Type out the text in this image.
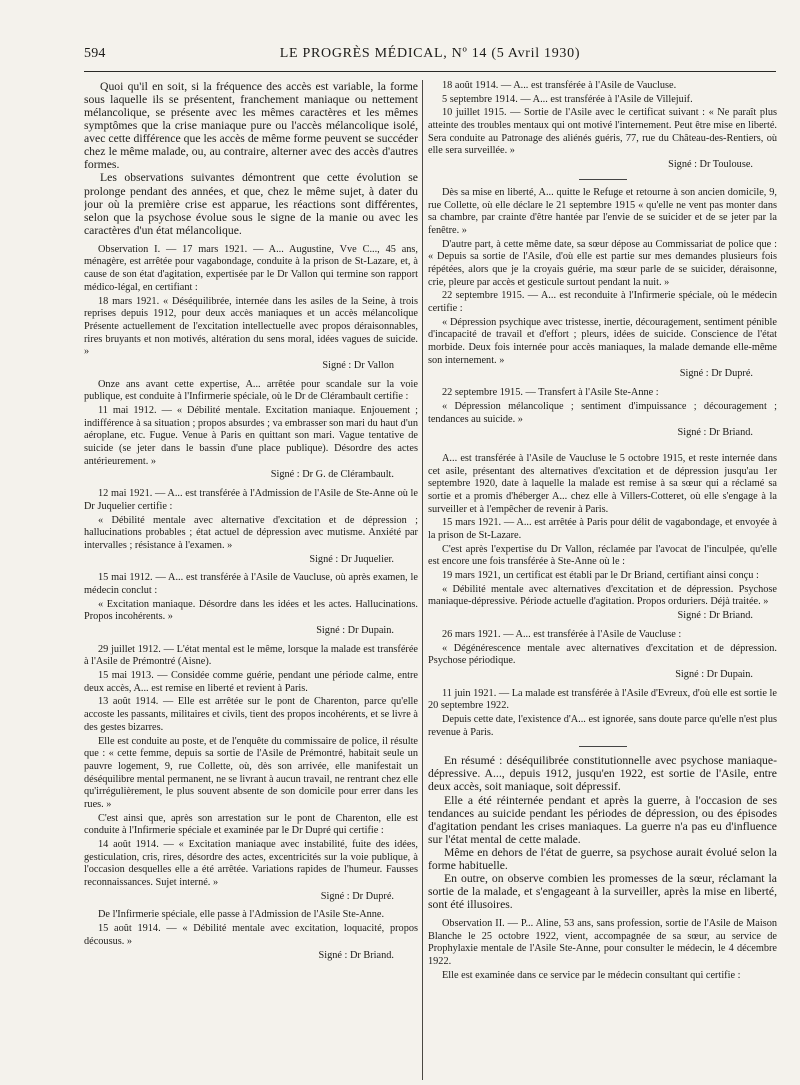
594	LE PROGRÈS MÉDICAL, Nº 14 (5 Avril 1930)
Quoi qu'il en soit, si la fréquence des accès est variable, la forme sous laquelle ils se présentent, franchement maniaque ou nettement mélancolique, se présente avec les mêmes caractères et les mêmes symptômes que la crise maniaque pure ou l'accès mélancolique isolé, avec cette différence que les accès de même forme peuvent se succéder chez le même malade, ou, au contraire, alterner avec des accès d'autres formes.
Les observations suivantes démontrent que cette évolution se prolonge pendant des années, et que, chez le même sujet, à dater du jour où la première crise est apparue, les réactions sont différentes, selon que la psychose évolue sous le signe de la manie ou avec les caractères d'un état mélancolique.
Observation I. — 17 mars 1921. — A... Augustine, Vve C..., 45 ans, ménagère, est arrêtée pour vagabondage, conduite à la prison de St-Lazare, et, à cause de son état d'agitation, expertisée par le Dr Vallon qui termine son rapport médico-légal, en certifiant :
18 mars 1921. « Déséquilibrée, internée dans les asiles de la Seine, à trois reprises depuis 1912, pour deux accès maniaques et un accès mélancolique Présente actuellement de l'excitation intellectuelle avec propos déraisonnables, rires bruyants et non motivés, altération du sens moral, idées vagues de suicide. »
Signé : Dr Vallon
Onze ans avant cette expertise, A... arrêtée pour scandale sur la voie publique, est conduite à l'Infirmerie spéciale, où le Dr de Clérambault certifie :
11 mai 1912. — « Débilité mentale. Excitation maniaque. Enjouement ; indifférence à sa situation ; propos absurdes ; va embrasser son mari du haut d'un aéroplane, etc. Fugue. Venue à Paris en quittant son mari. Vague tentative de suicide (se jeter dans le bassin d'une place publique). Désordre des actes antérieurement. »
Signé : Dr G. de Clérambault.
12 mai 1921. — A... est transférée à l'Admission de l'Asile de Ste-Anne où le Dr Juquelier certifie :
« Débilité mentale avec alternative d'excitation et de dépression ; hallucinations probables ; état actuel de dépression avec mutisme. Anxiété par intervalles ; résistance à l'examen. »
Signé : Dr Juquelier.
15 mai 1912. — A... est transférée à l'Asile de Vaucluse, où après examen, le médecin conclut :
« Excitation maniaque. Désordre dans les idées et les actes. Hallucinations. Propos incohérents. »
Signé : Dr Dupain.
29 juillet 1912. — L'état mental est le même, lorsque la malade est transférée à l'Asile de Prémontré (Aisne).
15 mai 1913. — Considée comme guérie, pendant une période calme, entre deux accès, A... est remise en liberté et revient à Paris.
13 août 1914. — Elle est arrêtée sur le pont de Charenton, parce qu'elle accoste les passants, militaires et civils, tient des propos incohérents, et se livre à des gestes bizarres.
Elle est conduite au poste, et de l'enquête du commissaire de police, il résulte que : « cette femme, depuis sa sortie de l'Asile de Prémontré, habitait seule un pauvre logement, 9, rue Collette, où, dès son arrivée, elle manifestait un déséquilibre mental permanent, ne se livrant à aucun travail, ne rentrant chez elle qu'irrégulièrement, le plus souvent absente de son domicile pour errer dans les rues. »
C'est ainsi que, après son arrestation sur le pont de Charenton, elle est conduite à l'Infirmerie spéciale et examinée par le Dr Dupré qui certifie :
14 août 1914. — « Excitation maniaque avec instabilité, fuite des idées, gesticulation, cris, rires, désordre des actes, excentricités sur la voie publique, à l'occasion desquelles elle a été arrêtée. Variations rapides de l'humeur. Fausses reconnaissances. Sujet interné. »
Signé : Dr Dupré.
De l'Infirmerie spéciale, elle passe à l'Admission de l'Asile Ste-Anne.
15 août 1914. — « Débilité mentale avec excitation, loquacité, propos décousus. »
Signé : Dr Briand.
18 août 1914. — A... est transférée à l'Asile de Vaucluse.
5 septembre 1914. — A... est transférée à l'Asile de Villejuif.
10 juillet 1915. — Sortie de l'Asile avec le certificat suivant : « Ne paraît plus atteinte des troubles mentaux qui ont motivé l'internement. Peut être mise en liberté. Sera conduite au Patronage des aliénés guéris, 77, rue du Château-des-Rentiers, où elle sera surveillée. »
Signé : Dr Toulouse.
Dès sa mise en liberté, A... quitte le Refuge et retourne à son ancien domicile, 9, rue Collette, où elle déclare le 21 septembre 1915 « qu'elle ne vent pas monter dans sa chambre, par crainte d'être hantée par l'envie de se suicider et de se jeter par la fenêtre. »
D'autre part, à cette même date, sa sœur dépose au Commissariat de police que : « Depuis sa sortie de l'Asile, d'où elle est partie sur mes demandes plusieurs fois répétées, alors que je la croyais guérie, ma sœur parle de se suicider, déraisonne, crie, pleure par accès et gesticule surtout pendant la nuit. »
22 septembre 1915. — A... est reconduite à l'Infirmerie spéciale, où le médecin certifie :
« Dépression psychique avec tristesse, inertie, découragement, sentiment pénible d'incapacité de travail et d'effort ; pleurs, idées de suicide. Conscience de l'état morbide. Deux fois internée pour accès maniaques, la malade demande elle-même son internement. »
Signé : Dr Dupré.
22 septembre 1915. — Transfert à l'Asile Ste-Anne :
« Dépression mélancolique ; sentiment d'impuissance ; découragement ; tendances au suicide. »
Signé : Dr Briand.
A... est transférée à l'Asile de Vaucluse le 5 octobre 1915, et reste internée dans cet asile, présentant des alternatives d'excitation et de dépression jusqu'au 1er septembre 1920, date à laquelle la malade est remise à sa sœur qui a réclamé sa sortie et a promis d'héberger A... chez elle à Villers-Cotteret, où elle s'engage à la surveiller et à l'empêcher de revenir à Paris.
15 mars 1921. — A... est arrêtée à Paris pour délit de vagabondage, et envoyée à la prison de St-Lazare.
C'est après l'expertise du Dr Vallon, réclamée par l'avocat de l'inculpée, qu'elle est encore une fois transférée à Ste-Anne où le :
19 mars 1921, un certificat est établi par le Dr Briand, certifiant ainsi conçu :
« Débilité mentale avec alternatives d'excitation et de dépression. Psychose maniaque-dépressive. Période actuelle d'agitation. Propos orduriers. Déjà traitée. »
Signé : Dr Briand.
26 mars 1921. — A... est transférée à l'Asile de Vaucluse :
« Dégénérescence mentale avec alternatives d'excitation et de dépression. Psychose périodique.
Signé : Dr Dupain.
11 juin 1921. — La malade est transférée à l'Asile d'Evreux, d'où elle est sortie le 20 septembre 1922.
Depuis cette date, l'existence d'A... est ignorée, sans doute parce qu'elle n'est plus revenue à Paris.
En résumé : déséquilibrée constitutionnelle avec psychose maniaque-dépressive. A..., depuis 1912, jusqu'en 1922, est sortie de l'Asile, entre deux accès, soit maniaque, soit dépressif.
Elle a été réinternée pendant et après la guerre, à l'occasion de ses tendances au suicide pendant les périodes de dépression, ou des épisodes d'agitation pendant les crises maniaques. La guerre n'a pas eu d'influence sur l'état mental de cette malade.
Même en dehors de l'état de guerre, sa psychose aurait évolué selon la forme habituelle.
En outre, on observe combien les promesses de la sœur, réclamant la sortie de la malade, et s'engageant à la surveiller, après la mise en liberté, sont été illusoires.
Observation II. — P... Aline, 53 ans, sans profession, sortie de l'Asile de Maison Blanche le 25 octobre 1922, vient, accompagnée de sa sœur, au service de Prophylaxie mentale de l'Asile Ste-Anne, pour consulter le médecin, le 4 décembre 1922.
Elle est examinée dans ce service par le médecin consultant qui certifie :
